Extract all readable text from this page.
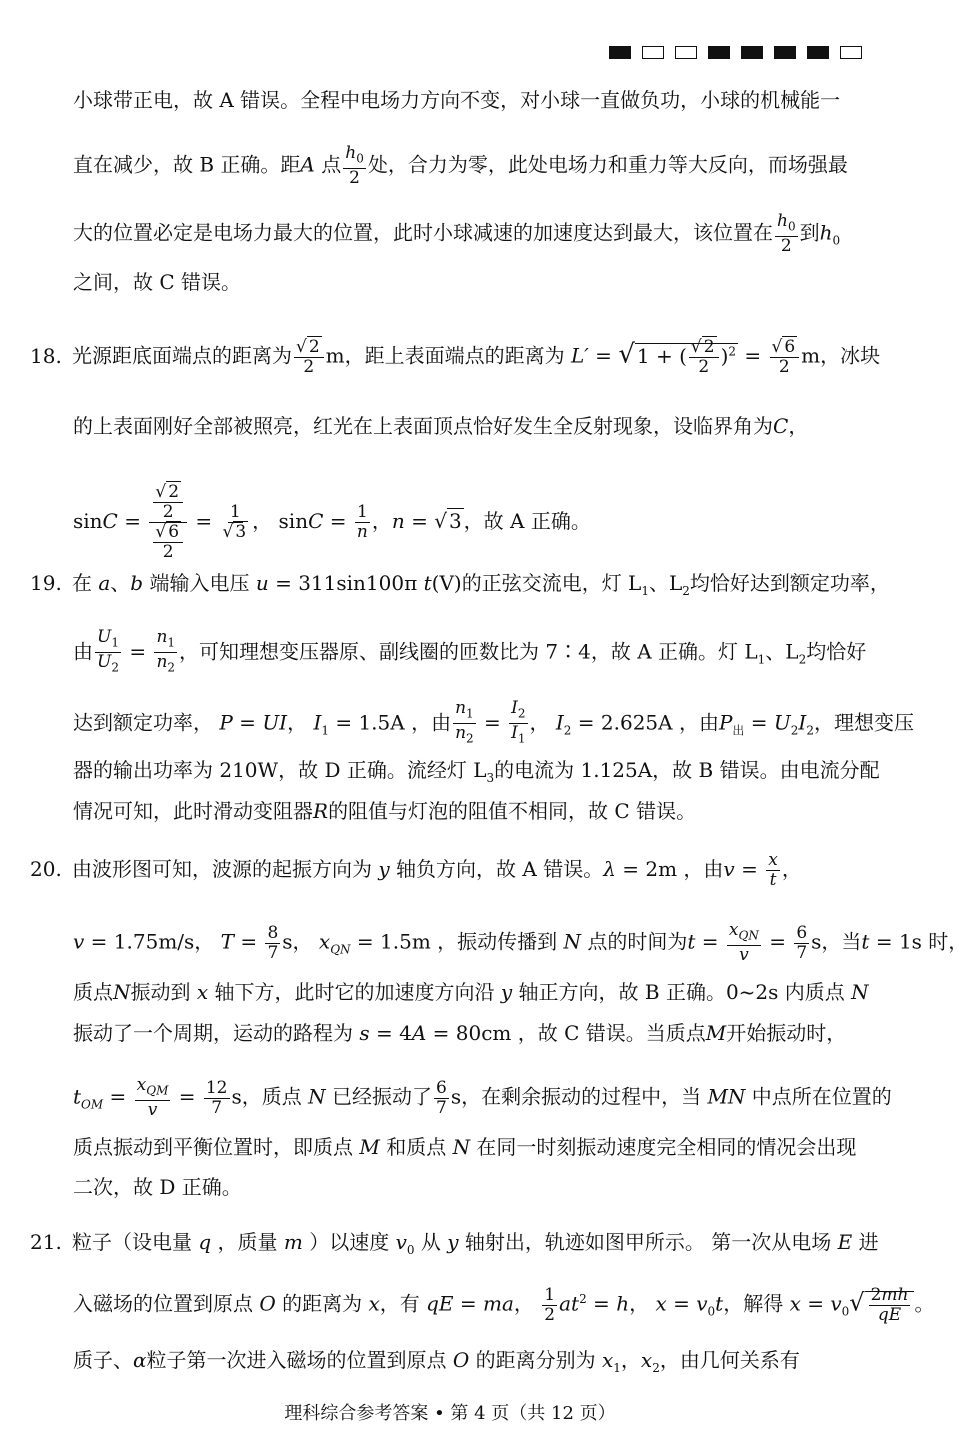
小球带正电，故 A 错误。全程中电场力方向不变，对小球一直做负功，小球的机械能一
直在减少，故 B 正确。距A 点 $\frac{h_0}{2}$ 处，合力为零，此处电场力和重力等大反向，而场强最
大的位置必定是电场力最大的位置，此时小球减速的加速度达到最大，该位置在 $\frac{h_0}{2}$ 到$h_0$
之间，故 C 错误。
18. 光源距底面端点的距离为 $\frac{√ 2}{2}$ m，距上表面端点的距离为 L′ = √ 1 + ( $\frac{√ 2}{2} )^2 = \frac{√ 6}{2}$ m，冰块
的上表面刚好全部被照亮，红光在上表面顶点恰好发生全反射现象，设临界角为C，
$\sin C = \frac{\frac{√ 2}{2}}{\frac{√ 6}{2}} = \frac{1}{√ 3}$ ， $\sin C = \frac{1}{n}$ ，n = √ 3 ，故 A 正确。
19. 在 a、b 端输入电压 u = 311sin100π t(V)的正弦交流电，灯 $L_1$、$L_2$均恰好达到额定功率，
由 $\frac{U_1}{U_2} = \frac{n_1}{n_2}$ ，可知理想变压器原、副线圈的匝数比为 7∶4，故 A 正确。灯 $L_1$、$L_2$均恰好
达到额定功率， P = UI， $I_1 = 1.5A$ ，由 $\frac{n_1}{n_2} = \frac{I_2}{I_1}$ ， $I_2 = 2.625A$ ，由$P_出 = U_2I_2$，理想变压
器的输出功率为 210W，故 D 正确。流经灯 $L_3$的电流为 1.125A，故 B 错误。由电流分配
情况可知，此时滑动变阻器R的阻值与灯泡的阻值不相同，故 C 错误。
20. 由波形图可知，波源的起振方向为 y 轴负方向，故 A 错误。λ = 2m ，由$v = \frac{x}{t}$ ，
v = 1.75m/s， $T = \frac{8}{7}$ s， $x_{QN} = 1.5m$ ，振动传播到 N 点的时间为$t = x_{QN}$
v
= $\frac{6}{7}$ s，当t = 1s 时，
质点N振动到 x 轴下方，此时它的加速度方向沿 y 轴正方向，故 B 正确。0~2s 内质点 N
振动了一个周期，运动的路程为 s = 4A = 80cm ，故 C 错误。当质点M开始振动时，
$t_{OM} = x_{QM}$
v
= $\frac{12}{7}$ s，质点 N 已经振动了 $\frac{6}{7}$ s，在剩余振动的过程中，当 MN 中点所在位置的
质点振动到平衡位置时，即质点 M 和质点 N 在同一时刻振动速度完全相同的情况会出现
二次，故 D 正确。
21. 粒子（设电量 q ，质量 m ）以速度 $v_0$ 从 y 轴射出，轨迹如图甲所示。 第一次从电场 E 进
入磁场的位置到原点 O 的距离为 x，有 qE = ma， $\frac{1}{2} at^2 = h$， $x = v_0t$，解得 $x = v_0√ \frac{2mh}{qE}$ 。
质子、α粒子第一次进入磁场的位置到原点 O 的距离分别为 $x_1$，$x_2$，由几何关系有
理科综合参考答案 • 第 4 页（共 12 页）
